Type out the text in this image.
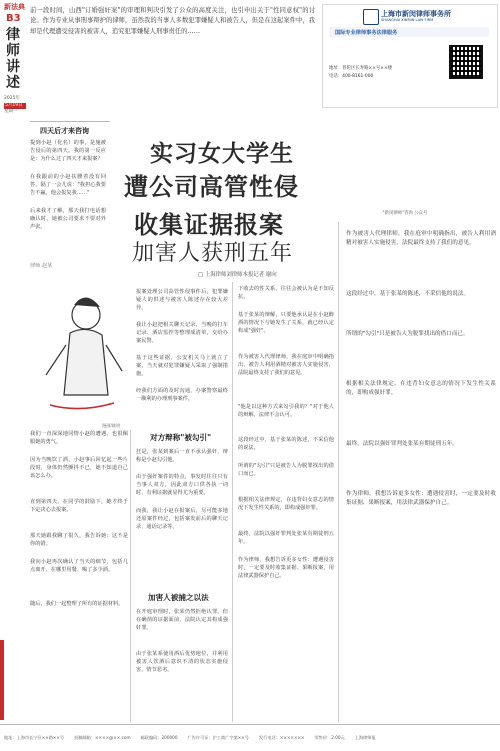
新法典
B3
律师讲述
2025年
5月19日
星期一
前一段时间，山西"订婚强奸案"的审理和判决引发了公众的高度关注，也引申出关于"性同意权"的讨论。作为专业从事刑事辩护的律师，虽然我的当事人多数犯罪嫌疑人和被告人，但是在这起案件中，我却是代理遭受侵害的被害人，追究犯罪嫌疑人刑事责任的……
上海市新闵律师事务所
SHANGHAI XINMIN LAW FIRM
国际专业律师事务法律服务
地址：普陀区长寿路××号××楼
电话：400-8161-000
"新闵律师"咨询 公众号
四天后才来咨询
提到小赵（化名）的事，是施被告侵后的第四天。我的第一反应是：为什么过了四天才来报案？
在我跟前的小赵扶腰着没有回答，隔了一会儿说："我担心我要告不赢，他会报复我……"
后来我才了解，那天我打电话想确认时，她被公司要求不要对外声张。
律师 赵某
实习女大学生
遭公司高管性侵
收集证据报案
加害人获刑五年
□ 上海律师刘律师本报记者 谢向
漫画/姚明
报案处理公司高管性侵事件后，犯罪嫌疑人的供述与被害人陈述存在较大差异。
我让小赵把相关聊天记录、当晚的打车记录、酒店监控等整理成清单，交给办案民警。
基于这些证据，公安机关马上就立了案，当天就对犯罪嫌疑人采取了强制措施。
经我们方面的及时沟通，办案警察最终一顺利的办理刑事案件。
对方辩称"被勾引"
狂是，张某到案后一直不承认强奸，辩称是小赵勾引他。
由于强奸案件的特点，事发时往往只有当事人双方，因此双方口供各执一词时，有利证据就显得尤为重要。
而我，我让小赵在报案后，尽可能多地还原案件经过，包括案发前后的聊天记录、通话记录等。
加害人被捕之以法
在开庭审理时，张某仍然拒绝认罪，但在确凿的证据面前，法院认定其构成强奸罪。
由于张某系使用酒后优势地位，并利用被害人饮酒后意识不清的状态实施侵害，情节恶劣。
下收去的性关系，往往会被认为是不知反抗。
基于张某的辩解，只要他承认是在小赵醉酒的情况下与她发生了关系，就已经认定构成"强奸"。
作为被害人代理律师，我在庭审中明确指出，被告人利用酒精对被害人实施侵害，法院最终支持了我们的意见。
"他是以这种方式来勾引我的？"对于他人的辩解，法律不会认可。
这段经过中，基于张某的陈述，不采信他的说法。
所谓的"勾引"只是被告人为脱罪找出的借口而已。
根据相关法律规定，在违背妇女意志的情况下发生性关系的，即构成强奸罪。
最终，法院以强奸罪判处张某有期徒刑五年。
作为律师，我想告诉更多女性：遭遇侵害时，一定要及时收集证据、果断报案，用法律武器保护自己。
作为被害人代理律师，我在庭审中明确指出，被告人利用酒精对被害人实施侵害，法院最终支持了我们的意见。
这段经过中，基于张某的陈述，不采信他的说法。
所谓的"勾引"只是被告人为脱罪找出的借口而已。
根据相关法律规定，在违背妇女意志的情况下发生性关系的，即构成强奸罪。
最终，法院以强奸罪判处张某有期徒刑五年。
作为律师，我想告诉更多女性：遭遇侵害时，一定要及时收集证据、果断报案，用法律武器保护自己。
我们一直深深地同情小赵的遭遇，也很佩服她的勇气。
因为当晚饮了酒，小赵事后回忆起一些片段时，身体仍然颤抖不已，她不知道自己该怎么办。
直到第四天，在同学的鼓励下，她才终于下定决心去报案。
那天她跟我聊了很久，我告诉她：这不是你的错。
我向小赵再次确认了当天的细节，包括几点离开、在哪里用餐、喝了多少酒。
随后，我们一起整理了所有的证据材料。
地址：上海市长宁区××路××号 投稿邮箱：××××@××.com 邮政编码：200000 广告许可证：沪工商广字第××号 发行电话：××××××× 零售价：2.00元 上海律师报
